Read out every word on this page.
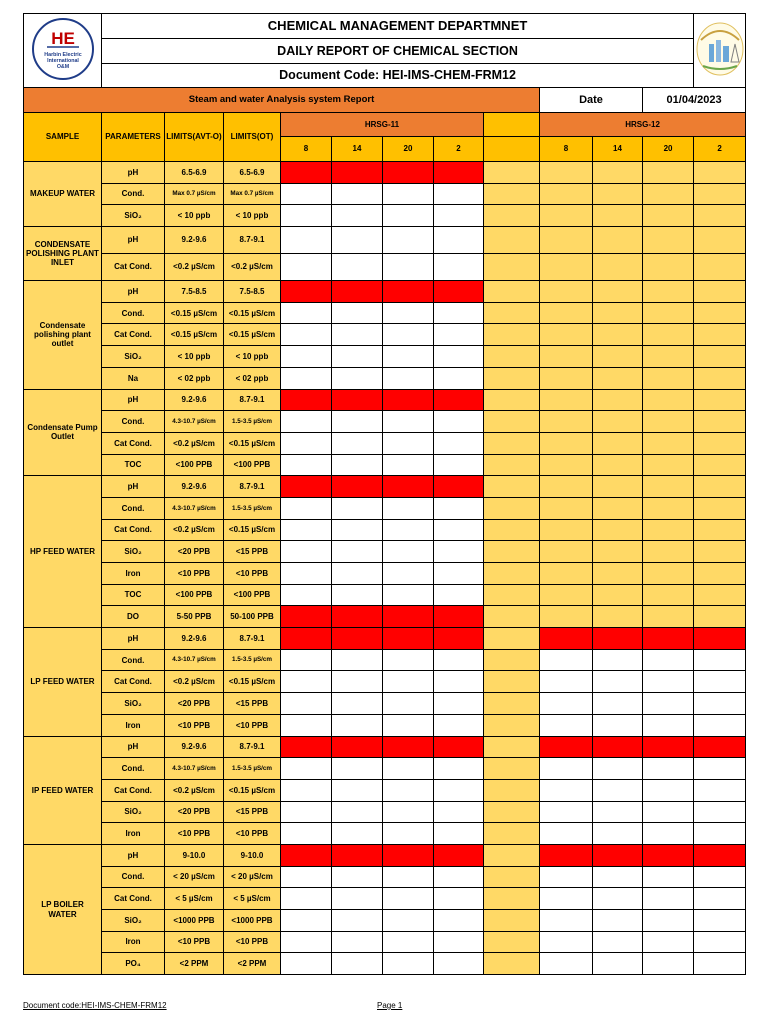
HE
Harbin Electric
International
O&M	CHEMICAL MANAGEMENT DEPARTMNET	
	DAILY REPORT OF CHEMICAL SECTION											
	Document Code: HEI-IMS-CHEM-FRM12											
Steam and water Analysis system Report									Date		01/04/2023	
SAMPLE	PARAMETERS	LIMITS(AVT-O)	LIMITS(OT)	HRSG-11					HRSG-12			
				8	14	20	2		8	14	20	2
MAKEUP WATER	pH	6.5-6.9	6.5-6.9									
	Cond.	Max 0.7 µS/cm	Max 0.7 µS/cm									
	SiO₂	< 10 ppb	< 10 ppb									
CONDENSATE POLISHING PLANT INLET	pH	9.2-9.6	8.7-9.1									
	Cat Cond.	<0.2 µS/cm	<0.2 µS/cm									
Condensate polishing plant outlet	pH	7.5-8.5	7.5-8.5									
	Cond.	<0.15 µS/cm	<0.15 µS/cm									
	Cat Cond.	<0.15 µS/cm	<0.15 µS/cm									
	SiO₂	< 10 ppb	< 10 ppb									
	Na	< 02 ppb	< 02 ppb									
Condensate Pump Outlet	pH	9.2-9.6	8.7-9.1									
	Cond.	4.3-10.7 µS/cm	1.5-3.5 µS/cm									
	Cat Cond.	<0.2 µS/cm	<0.15 µS/cm									
	TOC	<100 PPB	<100 PPB									
HP FEED WATER	pH	9.2-9.6	8.7-9.1									
	Cond.	4.3-10.7 µS/cm	1.5-3.5 µS/cm									
	Cat Cond.	<0.2 µS/cm	<0.15 µS/cm									
	SiO₂	<20 PPB	<15 PPB									
	Iron	<10 PPB	<10 PPB									
	TOC	<100 PPB	<100 PPB									
	DO	5-50 PPB	50-100 PPB									
LP FEED WATER	pH	9.2-9.6	8.7-9.1									
	Cond.	4.3-10.7 µS/cm	1.5-3.5 µS/cm									
	Cat Cond.	<0.2 µS/cm	<0.15 µS/cm									
	SiO₂	<20 PPB	<15 PPB									
	Iron	<10 PPB	<10 PPB									
IP FEED WATER	pH	9.2-9.6	8.7-9.1									
	Cond.	4.3-10.7 µS/cm	1.5-3.5 µS/cm									
	Cat Cond.	<0.2 µS/cm	<0.15 µS/cm									
	SiO₂	<20 PPB	<15 PPB									
	Iron	<10 PPB	<10 PPB									
LP BOILER WATER	pH	9-10.0	9-10.0									
	Cond.	< 20 µS/cm	< 20 µS/cm									
	Cat Cond.	< 5 µS/cm	< 5 µS/cm									
	SiO₂	<1000 PPB	<1000 PPB									
	Iron	<10 PPB	<10 PPB									
	PO₄	<2 PPM	<2 PPM									
Document code:HEI-IMS-CHEM-FRM12	Page 1
